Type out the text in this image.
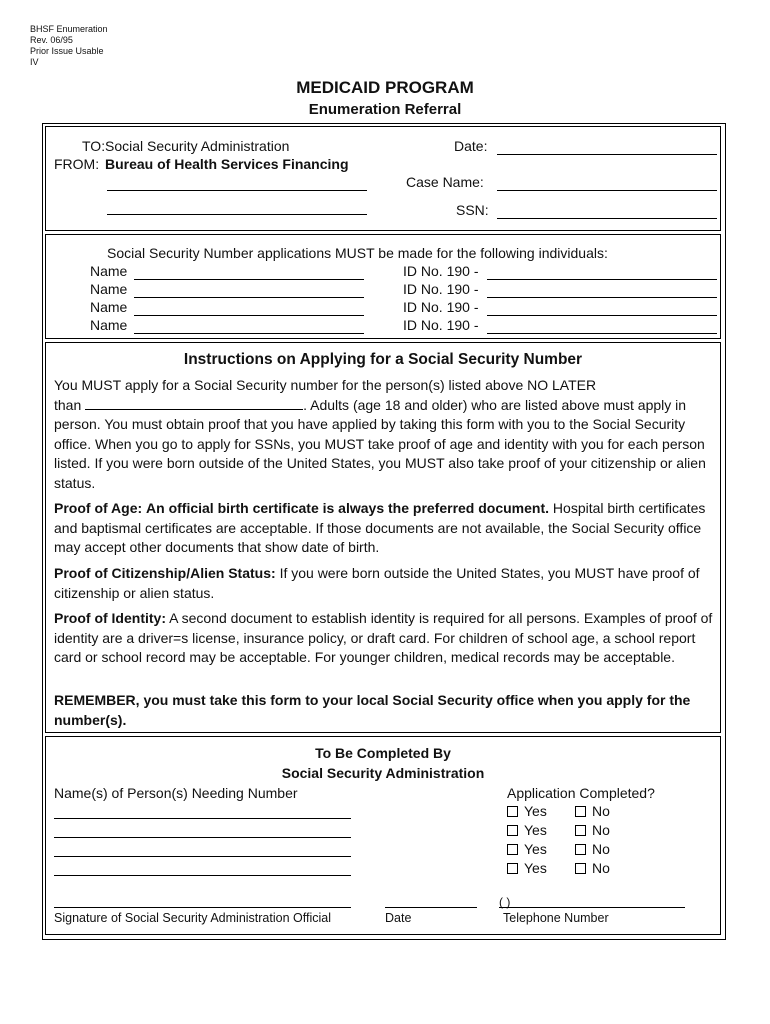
BHSF Enumeration
Rev. 06/95
Prior Issue Usable
IV
MEDICAID PROGRAM
Enumeration Referral
TO: Social Security Administration
FROM: Bureau of Health Services Financing
Date:
Case Name:
SSN:
Social Security Number applications MUST be made for the following individuals:
Name	ID No. 190 -
Name	ID No. 190 -
Name	ID No. 190 -
Name	ID No. 190 -
Instructions on Applying for a Social Security Number
You MUST apply for a Social Security number for the person(s) listed above NO LATER
than	. Adults (age 18 and older) who are listed above must apply in person. You must obtain proof that you have applied by taking this form with you to the Social Security office. When you go to apply for SSNs, you MUST take proof of age and identity with you for each person listed. If you were born outside of the United States, you MUST also take proof of your citizenship or alien status.
Proof of Age: An official birth certificate is always the preferred document. Hospital birth certificates and baptismal certificates are acceptable. If those documents are not available, the Social Security office may accept other documents that show date of birth.
Proof of Citizenship/Alien Status: If you were born outside the United States, you MUST have proof of citizenship or alien status.
Proof of Identity: A second document to establish identity is required for all persons. Examples of proof of identity are a driver=s license, insurance policy, or draft card. For children of school age, a school report card or school record may be acceptable. For younger children, medical records may be acceptable.
REMEMBER, you must take this form to your local Social Security office when you apply for the number(s).
To Be Completed By
Social Security Administration
Name(s) of Person(s) Needing Number	Application Completed?
Yes	No
Yes	No
Yes	No
Yes	No
Signature of Social Security Administration Official	Date
( )
Telephone Number
